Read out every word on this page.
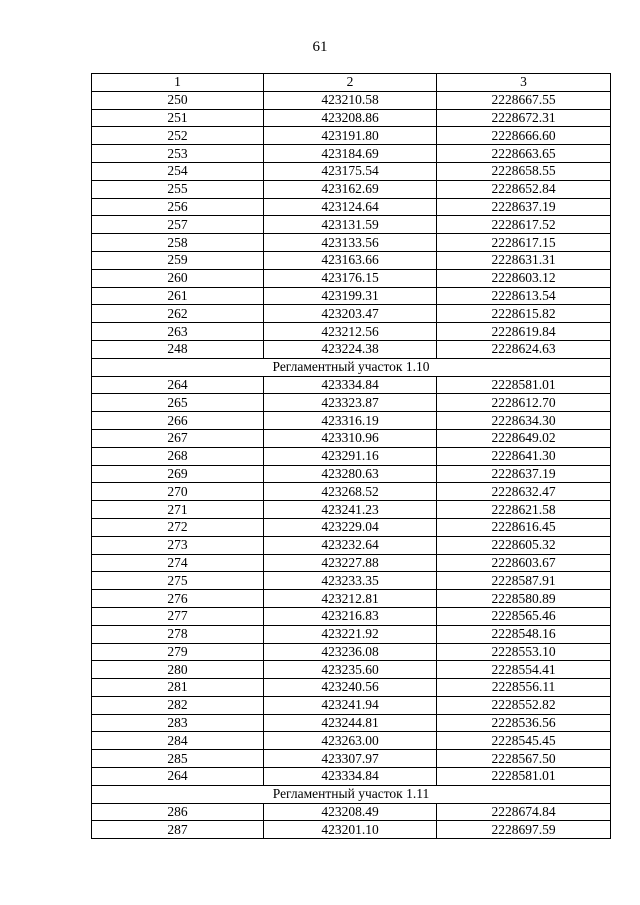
61
1	2	3
250	423210.58	2228667.55
251	423208.86	2228672.31
252	423191.80	2228666.60
253	423184.69	2228663.65
254	423175.54	2228658.55
255	423162.69	2228652.84
256	423124.64	2228637.19
257	423131.59	2228617.52
258	423133.56	2228617.15
259	423163.66	2228631.31
260	423176.15	2228603.12
261	423199.31	2228613.54
262	423203.47	2228615.82
263	423212.56	2228619.84
248	423224.38	2228624.63
Регламентный участок 1.10		
264	423334.84	2228581.01
265	423323.87	2228612.70
266	423316.19	2228634.30
267	423310.96	2228649.02
268	423291.16	2228641.30
269	423280.63	2228637.19
270	423268.52	2228632.47
271	423241.23	2228621.58
272	423229.04	2228616.45
273	423232.64	2228605.32
274	423227.88	2228603.67
275	423233.35	2228587.91
276	423212.81	2228580.89
277	423216.83	2228565.46
278	423221.92	2228548.16
279	423236.08	2228553.10
280	423235.60	2228554.41
281	423240.56	2228556.11
282	423241.94	2228552.82
283	423244.81	2228536.56
284	423263.00	2228545.45
285	423307.97	2228567.50
264	423334.84	2228581.01
Регламентный участок 1.11		
286	423208.49	2228674.84
287	423201.10	2228697.59
